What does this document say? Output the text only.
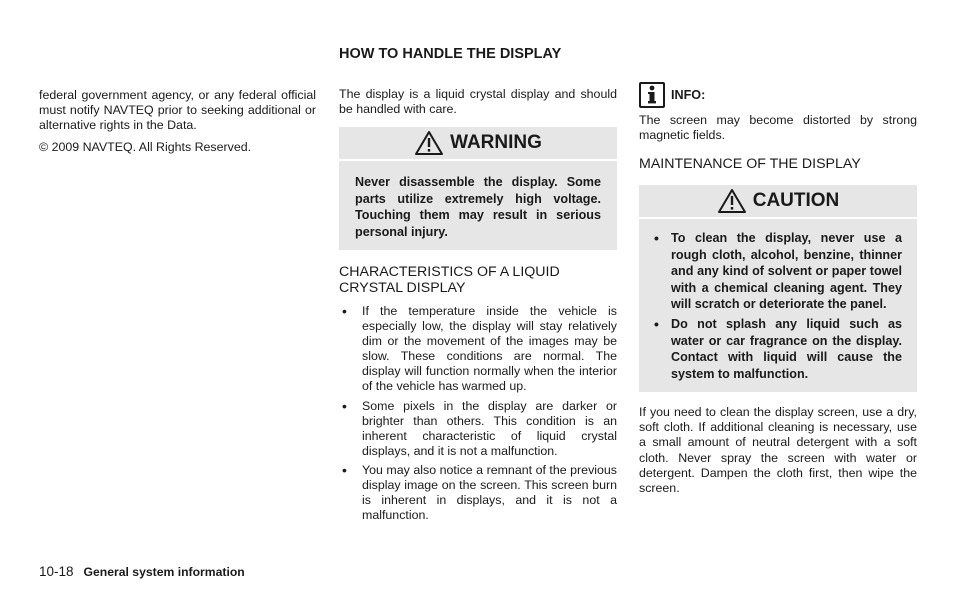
HOW TO HANDLE THE DISPLAY

federal government agency, or any federal official must notify NAVTEQ prior to seeking additional or alternative rights in the Data.

© 2009 NAVTEQ. All Rights Reserved.

The display is a liquid crystal display and should be handled with care.

WARNING
Never disassemble the display. Some parts utilize extremely high voltage. Touching them may result in serious personal injury.
CHARACTERISTICS OF A LIQUID CRYSTAL DISPLAY
• If the temperature inside the vehicle is especially low, the display will stay relatively dim or the movement of the images may be slow. These conditions are normal. The display will function normally when the interior of the vehicle has warmed up.
• Some pixels in the display are darker or brighter than others. This condition is an inherent characteristic of liquid crystal displays, and it is not a malfunction.
• You may also notice a remnant of the previous display image on the screen. This screen burn is inherent in displays, and it is not a malfunction.
INFO:

The screen may become distorted by strong magnetic fields.

MAINTENANCE OF THE DISPLAY
CAUTION
• To clean the display, never use a rough cloth, alcohol, benzine, thinner and any kind of solvent or paper towel with a chemical cleaning agent. They will scratch or deteriorate the panel.
• Do not splash any liquid such as water or car fragrance on the display. Contact with liquid will cause the system to malfunction.

If you need to clean the display screen, use a dry, soft cloth. If additional cleaning is necessary, use a small amount of neutral detergent with a soft cloth. Never spray the screen with water or detergent. Dampen the cloth first, then wipe the screen.

10-18 General system information
